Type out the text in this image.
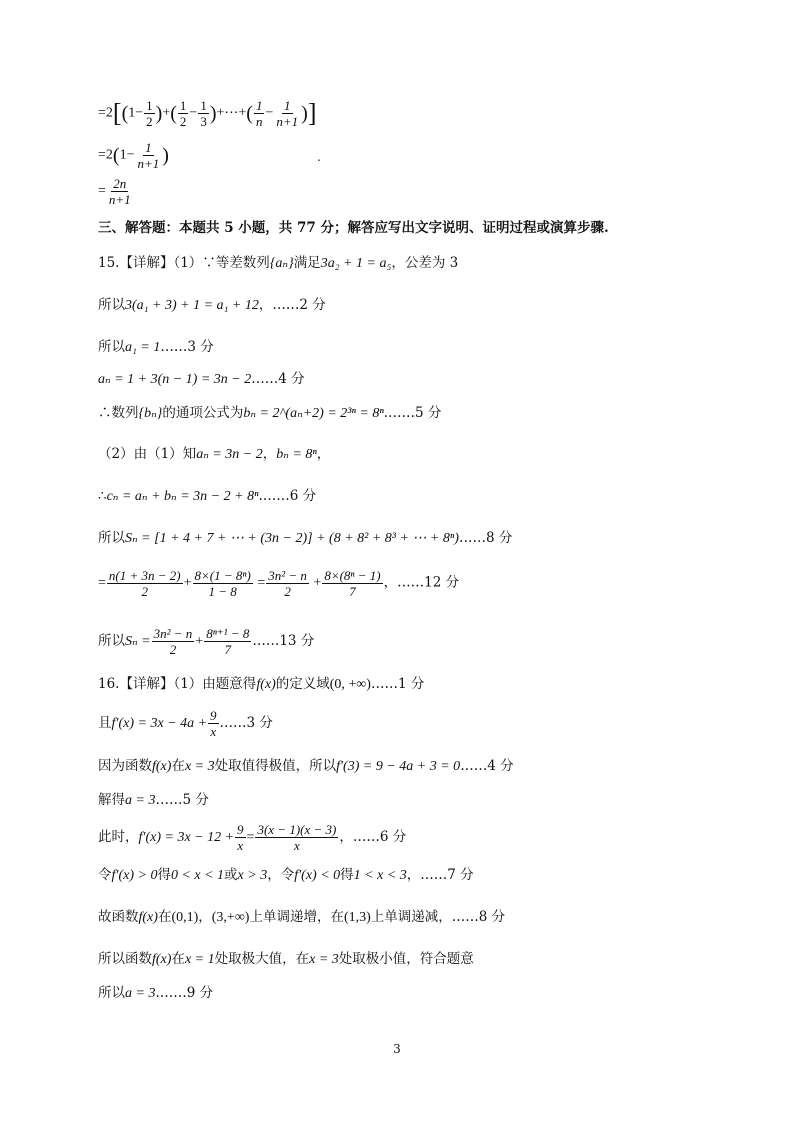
$=2[(1- \frac{1}{2}$ )+( $\frac{1}{2} - \frac{1}{3}$ )+⋯+( $\frac{1}{n} - \frac{1}{n+1}$ )]
$=2(1- \frac{1}{n+1}$ )	.
= $\frac{2n}{n+1}$
三、解答题：本题共 5 小题，共 77 分；解答应写出文字说明、证明过程或演算步骤.
15.【详解】（1）∵等差数列{aₙ}满足3a₂ + 1 = a₅，公差为 3
所以3(a₁ + 3) + 1 = a₁ + 12，……2 分
所以a₁ = 1……3 分
aₙ = 1 + 3(n − 1) = 3n − 2……4 分
∴数列{bₙ}的通项公式为bₙ = 2^(aₙ+2) = 2³ⁿ = 8ⁿ.……5 分
（2）由（1）知aₙ = 3n − 2，bₙ = 8ⁿ，
∴cₙ = aₙ + bₙ = 3n − 2 + 8ⁿ.……6 分
所以Sₙ = [1 + 4 + 7 + ⋯ + (3n − 2)] + (8 + 8² + 8³ + ⋯ + 8ⁿ)……8 分
= $\frac{n(1 + 3n - 2)}{2} + \frac{\text{8×(1 − 8ⁿ)}}{1 - 8} = \frac{\text{3n² − n}}{2} + \frac{\text{8×(8ⁿ − 1)}}{7}$ ，……12 分
所以$S_n = \frac{\text{3n² − n}}{2} + \frac{\text{8ⁿ⁺¹ − 8}}{7}$ ……13 分
16.【详解】（1）由题意得f(x)的定义域(0, +∞)……1 分
且$f'(x) = 3x - 4a + \frac{9}{x}$ ……3 分
因为函数f(x)在x = 3处取值得极值，所以f′(3) = 9 − 4a + 3 = 0……4 分
解得a = 3……5 分
此时，$f'(x) = 3x - 12 + \frac{9}{x} = \frac{3(x - 1)(x - 3)}{x}$ ，……6 分
令f′(x) > 0得0 < x < 1或x > 3，令f′(x) < 0得1 < x < 3，……7 分
故函数f(x)在(0,1)，(3,+∞)上单调递增，在(1,3)上单调递减，……8 分
所以函数f(x)在x = 1处取极大值，在x = 3处取极小值，符合题意
所以a = 3.……9 分
3
